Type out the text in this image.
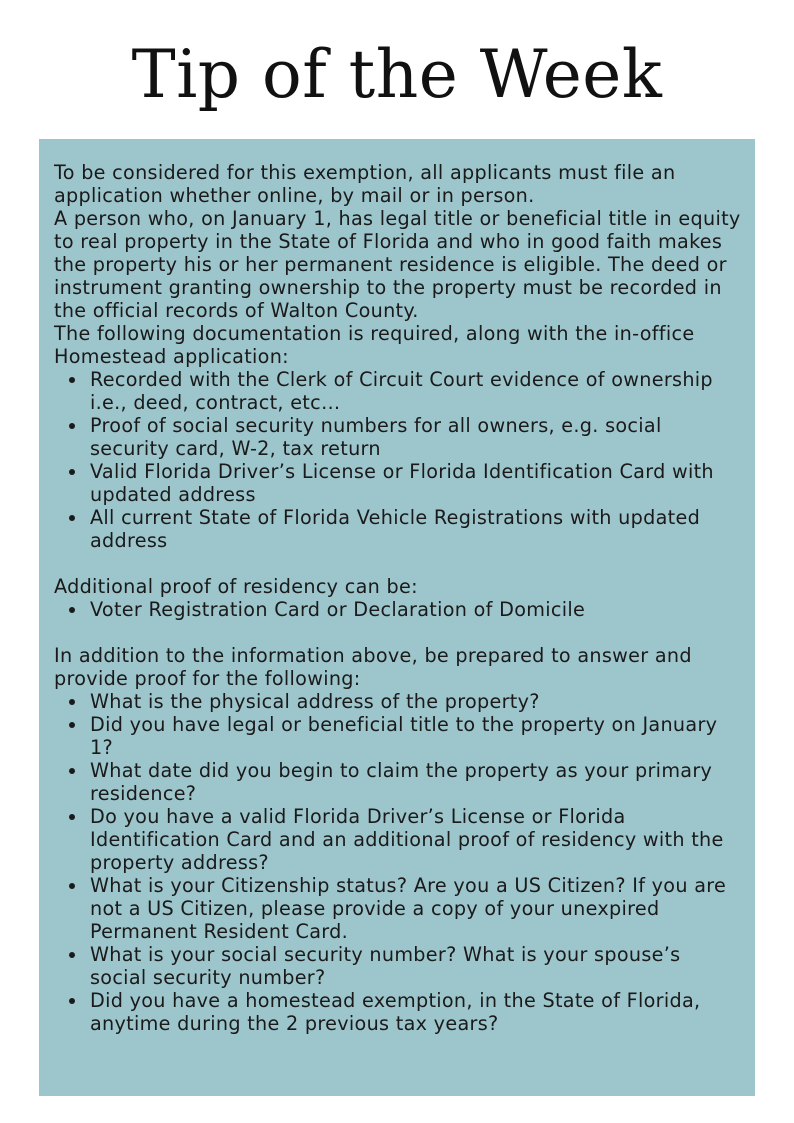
Tip of the Week

To be considered for this exemption, all applicants must file an application whether online, by mail or in person.

A person who, on January 1, has legal title or beneficial title in equity to real property in the State of Florida and who in good faith makes the property his or her permanent residence is eligible. The deed or instrument granting ownership to the property must be recorded in the official records of Walton County.

The following documentation is required, along with the in-office Homestead application:

Recorded with the Clerk of Circuit Court evidence of ownership i.e., deed, contract, etc…
Proof of social security numbers for all owners, e.g. social security card, W-2, tax return
Valid Florida Driver’s License or Florida Identification Card with updated address
All current State of Florida Vehicle Registrations with updated address

Additional proof of residency can be:

Voter Registration Card or Declaration of Domicile

In addition to the information above, be prepared to answer and provide proof for the following:

What is the physical address of the property?
Did you have legal or beneficial title to the property on January 1?
What date did you begin to claim the property as your primary residence?
Do you have a valid Florida Driver’s License or Florida Identification Card and an additional proof of residency with the property address?
What is your Citizenship status? Are you a US Citizen? If you are not a US Citizen, please provide a copy of your unexpired Permanent Resident Card.
What is your social security number? What is your spouse’s social security number?
Did you have a homestead exemption, in the State of Florida, anytime during the 2 previous tax years?
